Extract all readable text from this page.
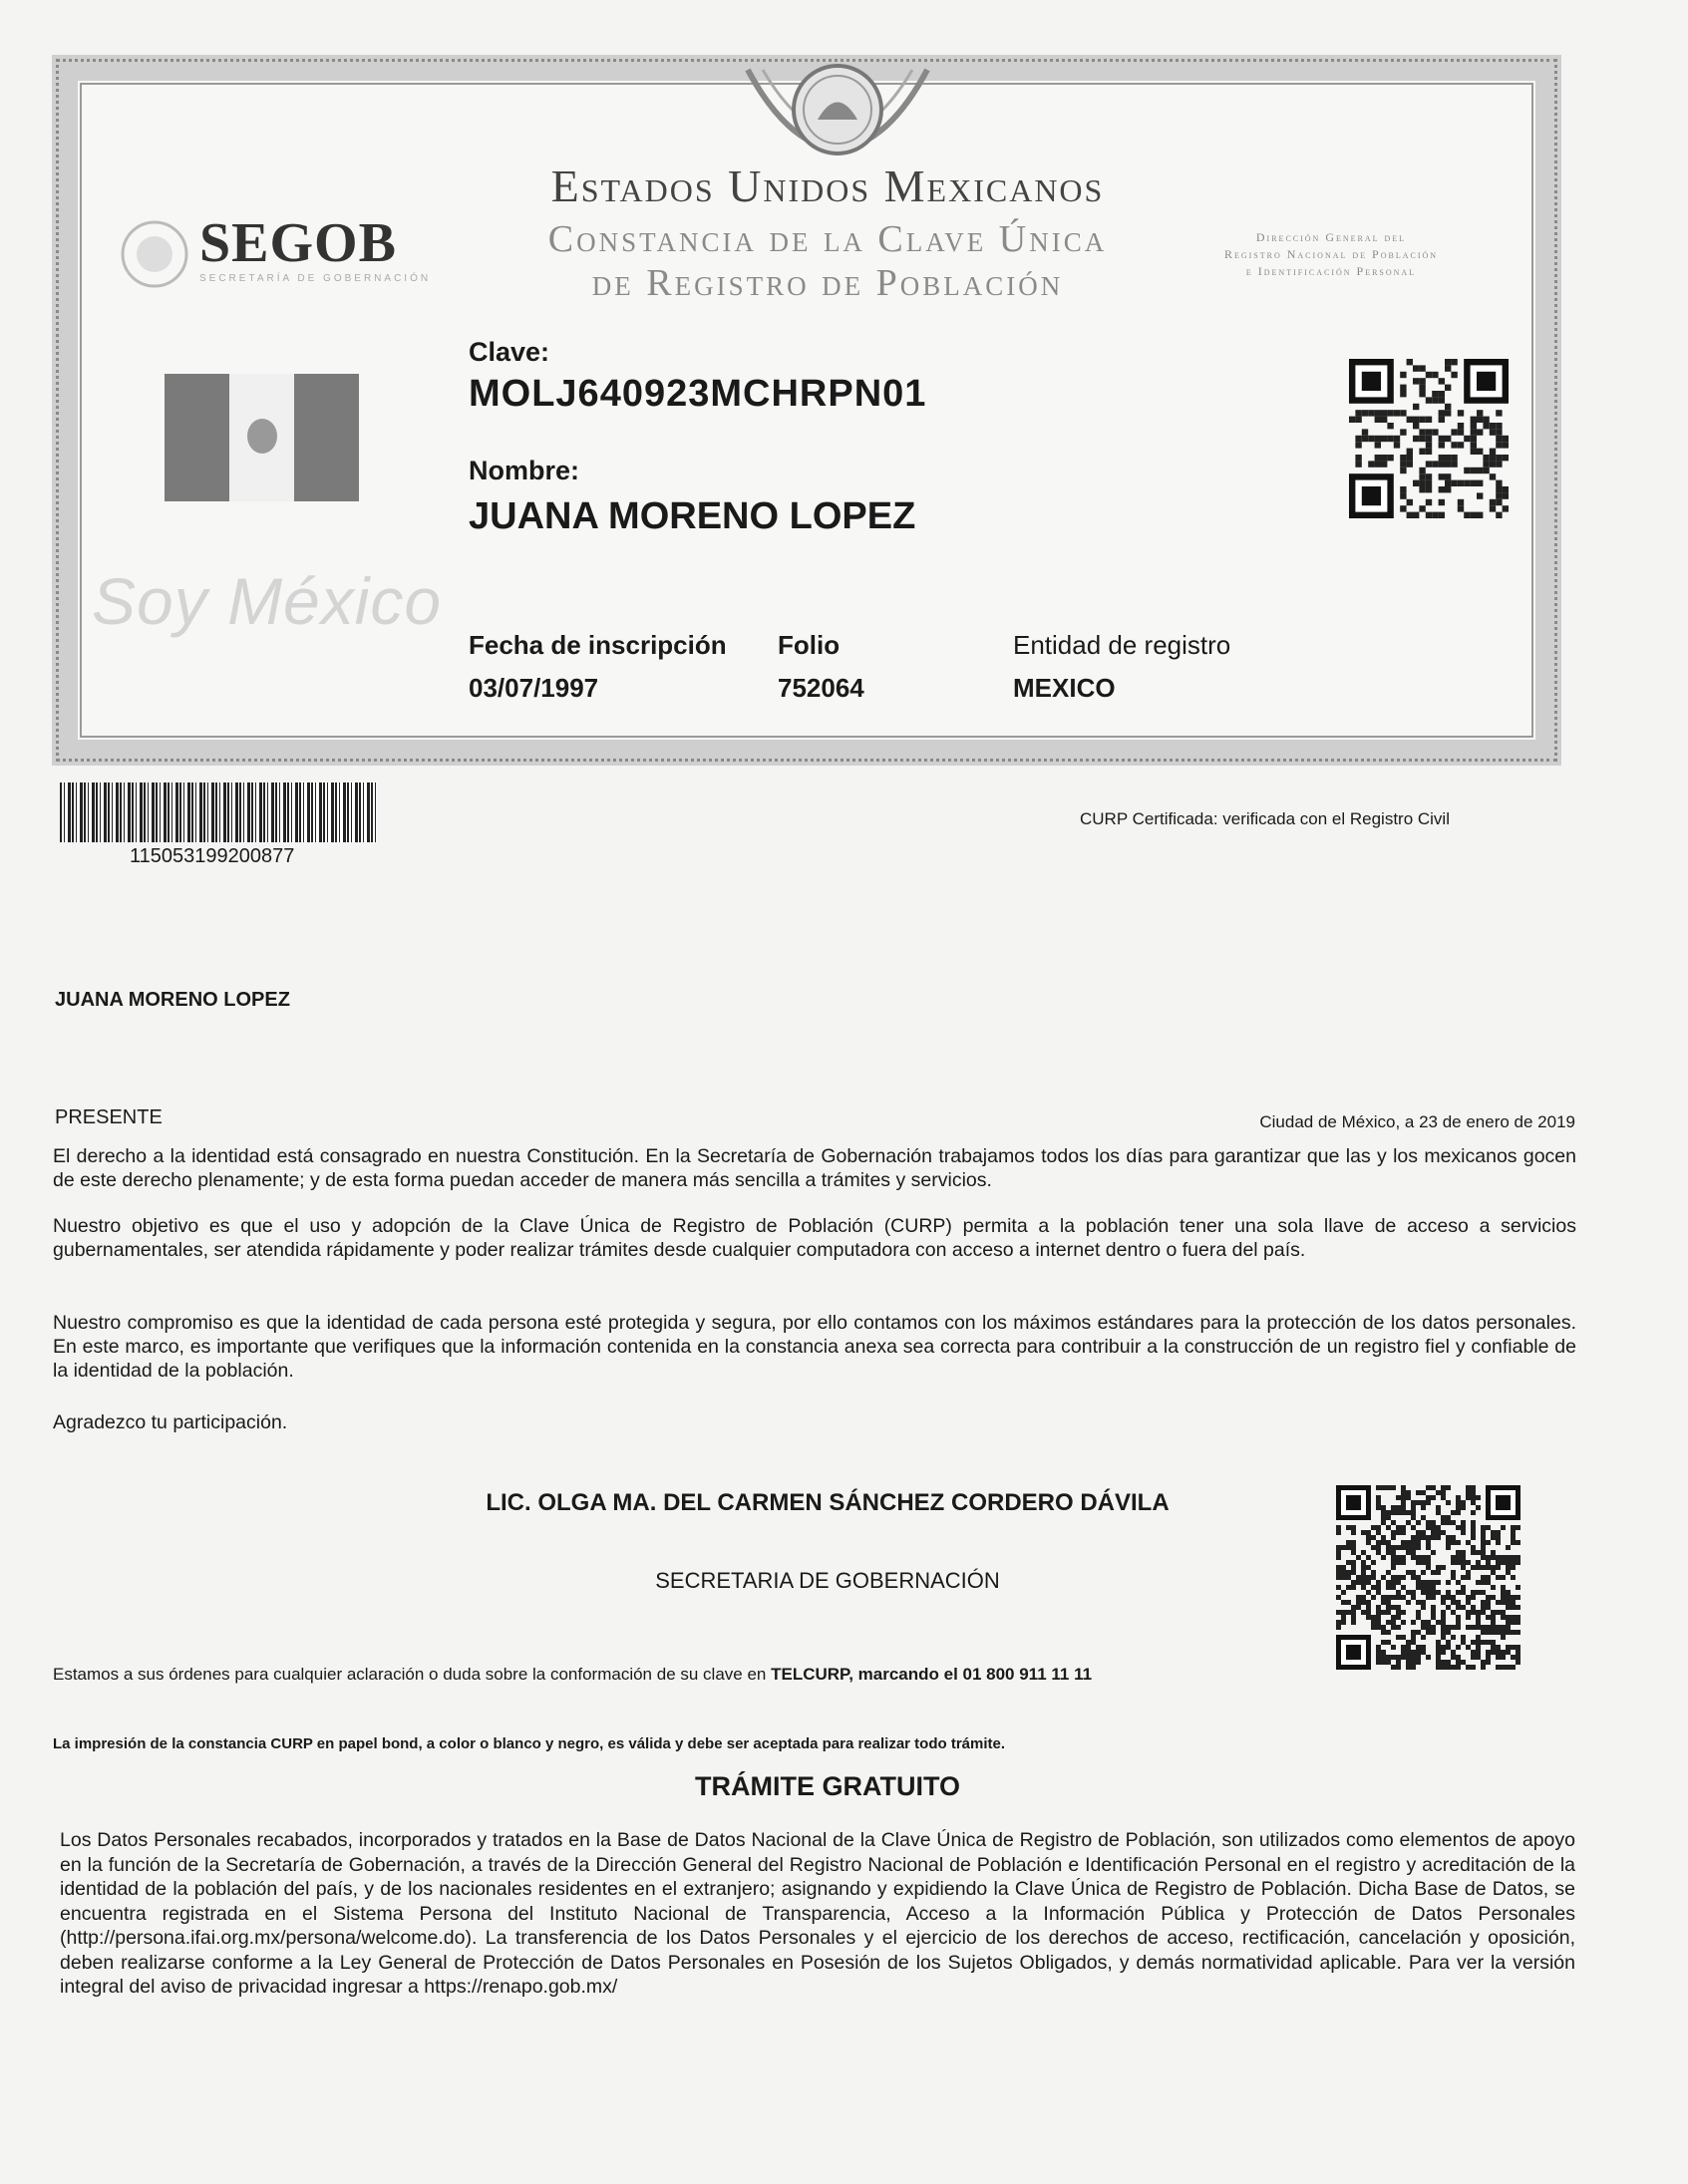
SEGOB
SECRETARÍA DE GOBERNACIÓN
Estados Unidos Mexicanos
Constancia de la Clave Única
de Registro de Población
Dirección General del
Registro Nacional de Población
e Identificación Personal
Soy México
Clave:
MOLJ640923MCHRPN01
Nombre:
JUANA MORENO LOPEZ
Fecha de inscripción
03/07/1997
Folio
752064
Entidad de registro
MEXICO
115053199200877
CURP Certificada: verificada con el Registro Civil
JUANA MORENO LOPEZ
PRESENTE	Ciudad de México, a 23 de enero de 2019
El derecho a la identidad está consagrado en nuestra Constitución. En la Secretaría de Gobernación trabajamos todos los días para garantizar que las y los mexicanos gocen de este derecho plenamente; y de esta forma puedan acceder de manera más sencilla a trámites y servicios.
Nuestro objetivo es que el uso y adopción de la Clave Única de Registro de Población (CURP) permita a la población tener una sola llave de acceso a servicios gubernamentales, ser atendida rápidamente y poder realizar trámites desde cualquier computadora con acceso a internet dentro o fuera del país.
Nuestro compromiso es que la identidad de cada persona esté protegida y segura, por ello contamos con los máximos estándares para la protección de los datos personales. En este marco, es importante que verifiques que la información contenida en la constancia anexa sea correcta para contribuir a la construcción de un registro fiel y confiable de la identidad de la población.
Agradezco tu participación.
LIC. OLGA MA. DEL CARMEN SÁNCHEZ CORDERO DÁVILA
SECRETARIA DE GOBERNACIÓN
Estamos a sus órdenes para cualquier aclaración o duda sobre la conformación de su clave en TELCURP, marcando el 01 800 911 11 11
La impresión de la constancia CURP en papel bond, a color o blanco y negro, es válida y debe ser aceptada para realizar todo trámite.
TRÁMITE GRATUITO
Los Datos Personales recabados, incorporados y tratados en la Base de Datos Nacional de la Clave Única de Registro de Población, son utilizados como elementos de apoyo en la función de la Secretaría de Gobernación, a través de la Dirección General del Registro Nacional de Población e Identificación Personal en el registro y acreditación de la identidad de la población del país, y de los nacionales residentes en el extranjero; asignando y expidiendo la Clave Única de Registro de Población. Dicha Base de Datos, se encuentra registrada en el Sistema Persona del Instituto Nacional de Transparencia, Acceso a la Información Pública y Protección de Datos Personales (http://persona.ifai.org.mx/persona/welcome.do). La transferencia de los Datos Personales y el ejercicio de los derechos de acceso, rectificación, cancelación y oposición, deben realizarse conforme a la Ley General de Protección de Datos Personales en Posesión de los Sujetos Obligados, y demás normatividad aplicable. Para ver la versión integral del aviso de privacidad ingresar a https://renapo.gob.mx/
